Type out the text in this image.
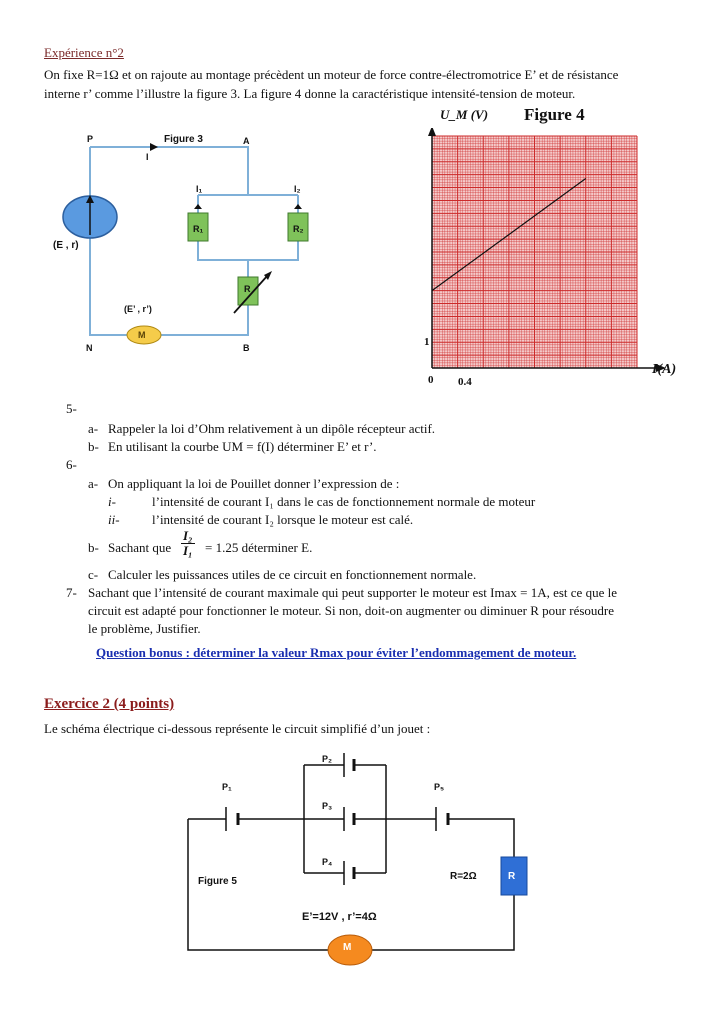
Expérience n°2
On fixe R=1Ω et on rajoute au montage précèdent un moteur de force contre-électromotrice E’ et de résistance
interne r’ comme l’illustre la figure 3. La figure 4 donne la caractéristique intensité-tension de moteur.
P	Figure 3	A
I
I₁	I₂
R₁	R₂
R
(E , r)
(E’ , r’)
M
N	B
U_M (V) Figure 4
1
0 0.4
I(A)
5-
a- Rappeler la loi d’Ohm relativement à un dipôle récepteur actif.
b- En utilisant la courbe UM = f(I) déterminer E’ et r’.
6-
a- On appliquant la loi de Pouillet donner l’expression de :
i-	l’intensité de courant I₁ dans le cas de fonctionnement normale de moteur
ii- l’intensité de courant I₂ lorsque le moteur est calé.
b- Sachant que $\frac{\text{I₂}}{\text{I₁}} = 1.25$ déterminer E.
c- Calculer les puissances utiles de ce circuit en fonctionnement normale.
7- Sachant que l’intensité de courant maximale qui peut supporter le moteur est Imax = 1A, est ce que le
circuit est adapté pour fonctionner le moteur. Si non, doit-on augmenter ou diminuer R pour résoudre
le problème, Justifier.
Question bonus : déterminer la valeur Rmax pour éviter l’endommagement de moteur.
Exercice 2 (4 points)
Le schéma électrique ci-dessous représente le circuit simplifié d’un jouet :
P₂
P₁	P₅
P₃
P₄
Figure 5	R=2Ω	R
E’=12V , r’=4Ω
M
